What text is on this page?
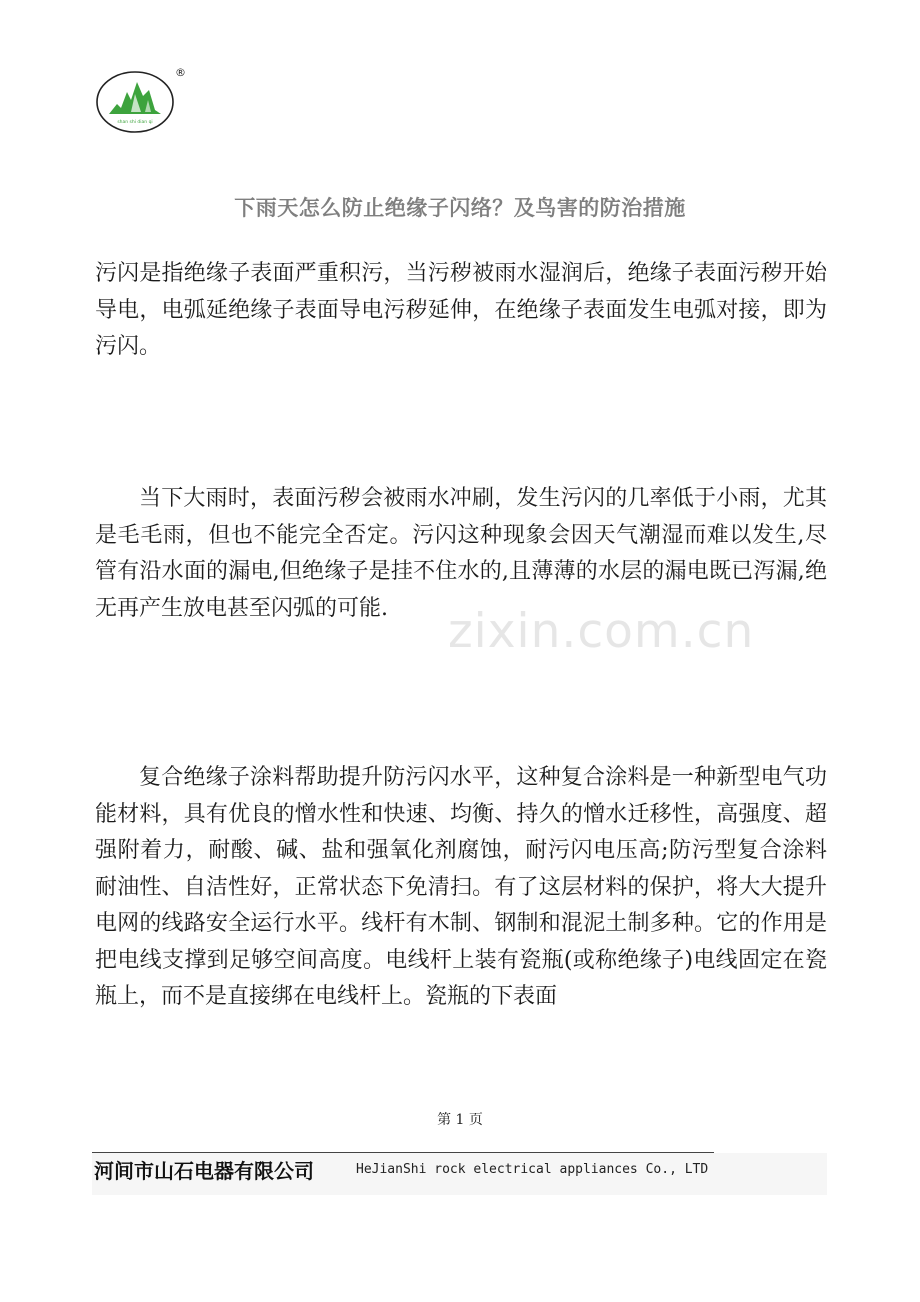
shan shi dian qi
®
下雨天怎么防止绝缘子闪络？及鸟害的防治措施

污闪是指绝缘子表面严重积污，当污秽被雨水湿润后，绝缘子表面污秽开始导电，电弧延绝缘子表面导电污秽延伸，在绝缘子表面发生电弧对接，即为污闪。

当下大雨时，表面污秽会被雨水冲刷，发生污闪的几率低于小雨，尤其是毛毛雨，但也不能完全否定。污闪这种现象会因天气潮湿而难以发生,尽管有沿水面的漏电,但绝缘子是挂不住水的,且薄薄的水层的漏电既已泻漏,绝无再产生放电甚至闪弧的可能.

复合绝缘子涂料帮助提升防污闪水平，这种复合涂料是一种新型电气功能材料，具有优良的憎水性和快速、均衡、持久的憎水迁移性，高强度、超强附着力，耐酸、碱、盐和强氧化剂腐蚀，耐污闪电压高;防污型复合涂料耐油性、自洁性好，正常状态下免清扫。有了这层材料的保护，将大大提升电网的线路安全运行水平。线杆有木制、钢制和混泥土制多种。它的作用是把电线支撑到足够空间高度。电线杆上装有瓷瓶(或称绝缘子)电线固定在瓷瓶上，而不是直接绑在电线杆上。瓷瓶的下表面

zixin.com.cn
第 1 页
河间市山石电器有限公司	HeJianShi rock electrical appliances Co., LTD
